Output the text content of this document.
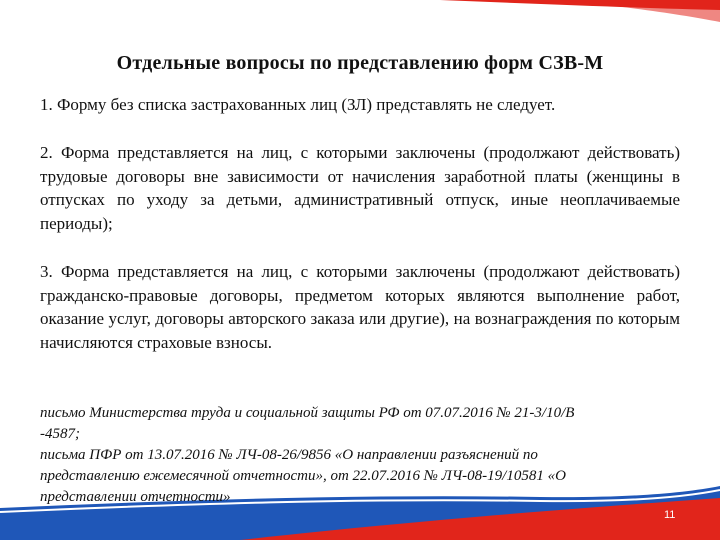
Отдельные вопросы по представлению форм СЗВ-М
1. Форму без списка застрахованных лиц (ЗЛ) представлять не следует.
2. Форма представляется на лиц, с которыми заключены (продолжают действовать) трудовые договоры вне зависимости от начисления заработной платы (женщины в отпусках по уходу за детьми, административный отпуск, иные неоплачиваемые периоды);
3. Форма представляется на лиц, с которыми заключены (продолжают действовать) гражданско-правовые договоры, предметом которых являются выполнение работ, оказание услуг, договоры авторского заказа или другие), на вознаграждения по которым начисляются страховые взносы.
письмо Министерства труда и социальной защиты РФ от 07.07.2016 № 21-3/10/В
-4587;
письма ПФР от 13.07.2016 № ЛЧ-08-26/9856 «О направлении разъяснений по
представлению ежемесячной отчетности», от 22.07.2016 № ЛЧ-08-19/10581 «О
представлении отчетности»
11
